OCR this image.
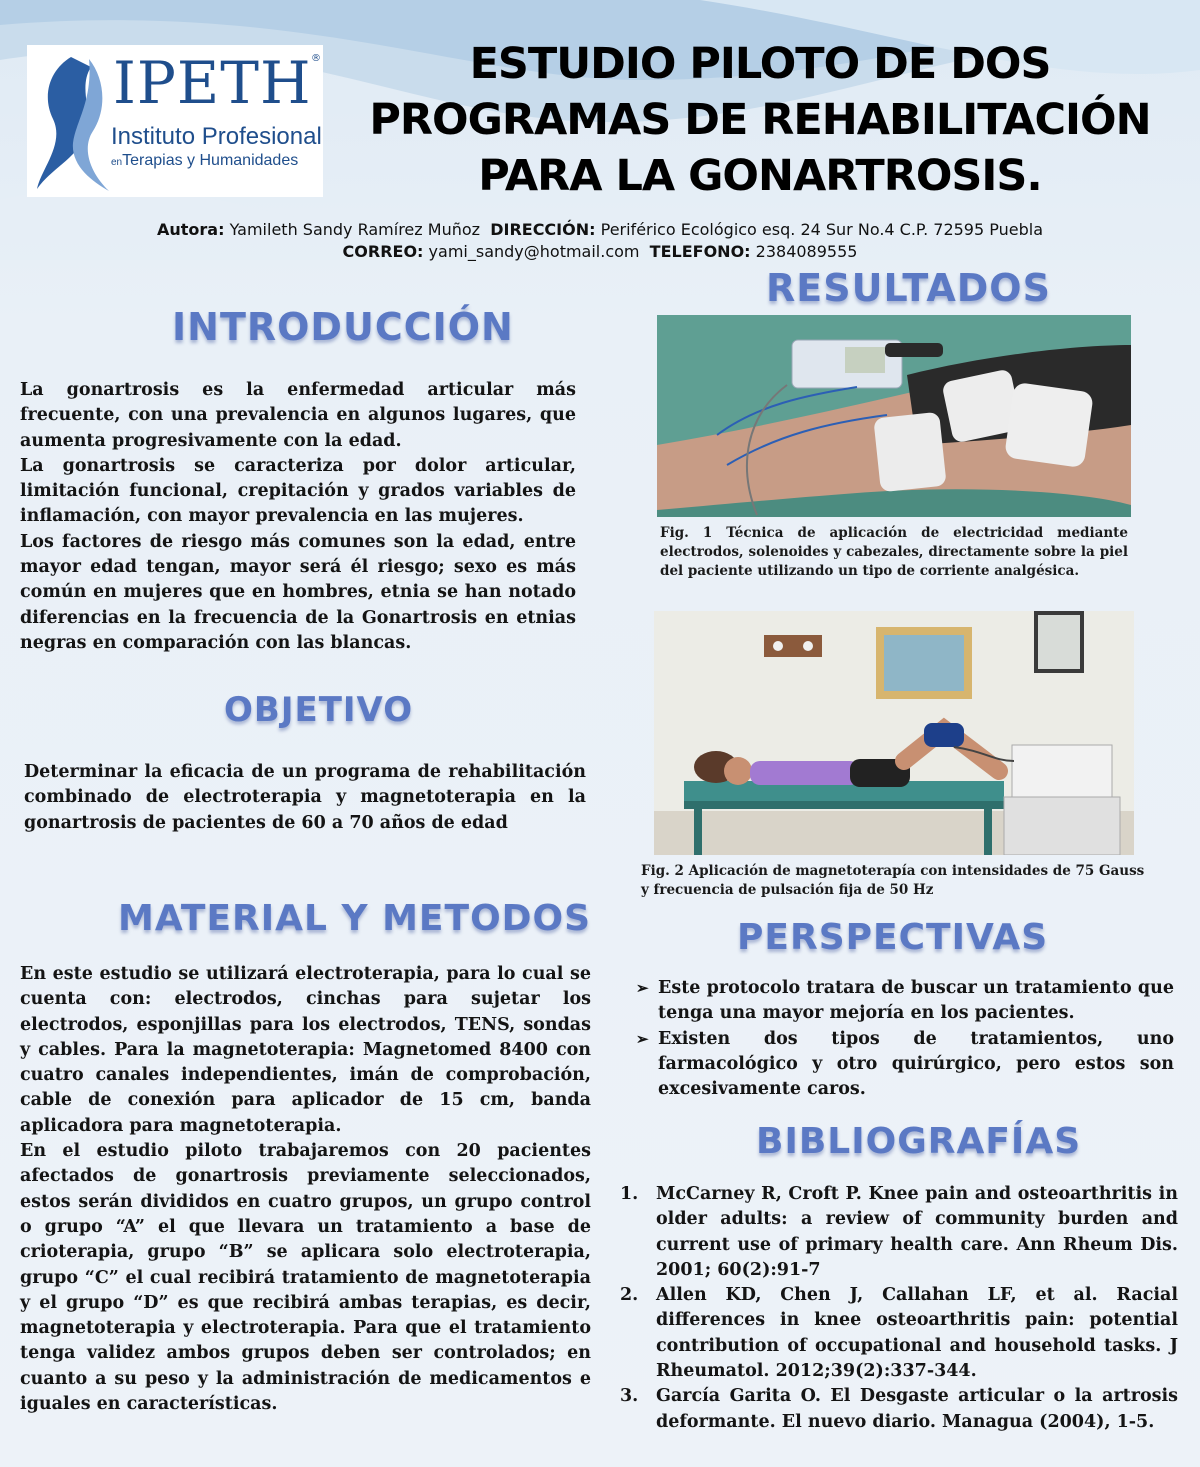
IPETH ®
Instituto Profesional
enTerapias y Humanidades
ESTUDIO PILOTO DE DOS
PROGRAMAS DE REHABILITACIÓN
PARA LA GONARTROSIS.
Autora: Yamileth Sandy Ramírez Muñoz DIRECCIÓN: Periférico Ecológico esq. 24 Sur No.4 C.P. 72595 Puebla
CORREO: yami_sandy@hotmail.com TELEFONO: 2384089555
INTRODUCCIÓN
OBJETIVO
MATERIAL Y METODOS
RESULTADOS
PERSPECTIVAS
BIBLIOGRAFÍAS

La gonartrosis es la enfermedad articular más frecuente, con una prevalencia en algunos lugares, que aumenta progresivamente con la edad.

La gonartrosis se caracteriza por dolor articular, limitación funcional, crepitación y grados variables de inflamación, con mayor prevalencia en las mujeres.

Los factores de riesgo más comunes son la edad, entre mayor edad tengan, mayor será él riesgo; sexo es más común en mujeres que en hombres, etnia se han notado diferencias en la frecuencia de la Gonartrosis en etnias negras en comparación con las blancas.

Determinar la eficacia de un programa de rehabilitación combinado de electroterapia y magnetoterapia en la gonartrosis de pacientes de 60 a 70 años de edad

En este estudio se utilizará electroterapia, para lo cual se cuenta con: electrodos, cinchas para sujetar los electrodos, esponjillas para los electrodos, TENS, sondas y cables. Para la magnetoterapia: Magnetomed 8400 con cuatro canales independientes, imán de comprobación, cable de conexión para aplicador de 15 cm, banda aplicadora para magnetoterapia.

En el estudio piloto trabajaremos con 20 pacientes afectados de gonartrosis previamente seleccionados, estos serán divididos en cuatro grupos, un grupo control o grupo “A” el que llevara un tratamiento a base de crioterapia, grupo “B” se aplicara solo electroterapia, grupo “C” el cual recibirá tratamiento de magnetoterapia y el grupo “D” es que recibirá ambas terapias, es decir, magnetoterapia y electroterapia. Para que el tratamiento tenga validez ambos grupos deben ser controlados; en cuanto a su peso y la administración de medicamentos e iguales en características.

Fig. 1 Técnica de aplicación de electricidad mediante electrodos, solenoides y cabezales, directamente sobre la piel del paciente utilizando un tipo de corriente analgésica.
Fig. 2 Aplicación de magnetoterapía con intensidades de 75 Gauss y frecuencia de pulsación fija de 50 Hz
➢ Este protocolo tratara de buscar un tratamiento que tenga una mayor mejoría en los pacientes.
➢ Existen dos tipos de tratamientos, uno farmacológico y otro quirúrgico, pero estos son excesivamente caros.
1. McCarney R, Croft P. Knee pain and osteoarthritis in older adults: a review of community burden and current use of primary health care. Ann Rheum Dis. 2001; 60(2):91-7
2. Allen KD, Chen J, Callahan LF, et al. Racial differences in knee osteoarthritis pain: potential contribution of occupational and household tasks. J Rheumatol. 2012;39(2):337-344.
3. García Garita O. El Desgaste articular o la artrosis deformante. El nuevo diario. Managua (2004), 1-5.
